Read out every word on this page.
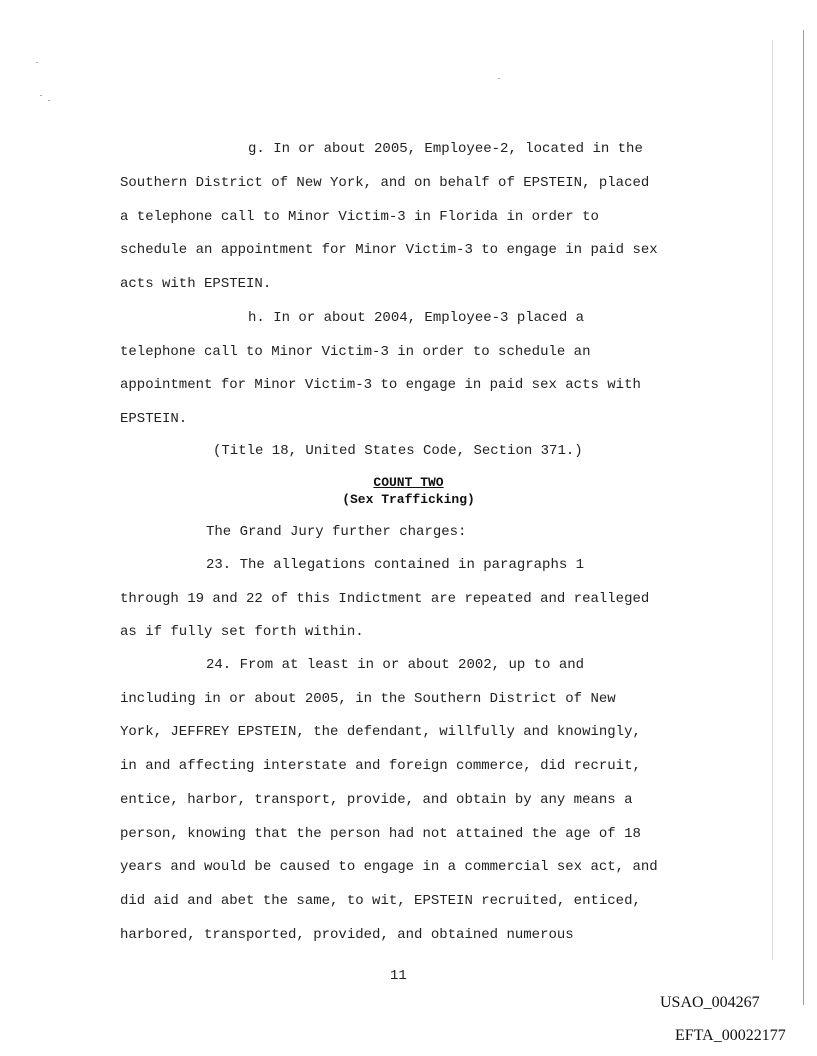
g. In or about 2005, Employee-2, located in the
Southern District of New York, and on behalf of EPSTEIN, placed
a telephone call to Minor Victim-3 in Florida in order to
schedule an appointment for Minor Victim-3 to engage in paid sex
acts with EPSTEIN.
h. In or about 2004, Employee-3 placed a
telephone call to Minor Victim-3 in order to schedule an
appointment for Minor Victim-3 to engage in paid sex acts with
EPSTEIN.
(Title 18, United States Code, Section 371.)
COUNT TWO
(Sex Trafficking)
The Grand Jury further charges:
23. The allegations contained in paragraphs 1
through 19 and 22 of this Indictment are repeated and realleged
as if fully set forth within.
24. From at least in or about 2002, up to and
including in or about 2005, in the Southern District of New
York, JEFFREY EPSTEIN, the defendant, willfully and knowingly,
in and affecting interstate and foreign commerce, did recruit,
entice, harbor, transport, provide, and obtain by any means a
person, knowing that the person had not attained the age of 18
years and would be caused to engage in a commercial sex act, and
did aid and abet the same, to wit, EPSTEIN recruited, enticed,
harbored, transported, provided, and obtained numerous
11
USAO_004267
EFTA_00022177
